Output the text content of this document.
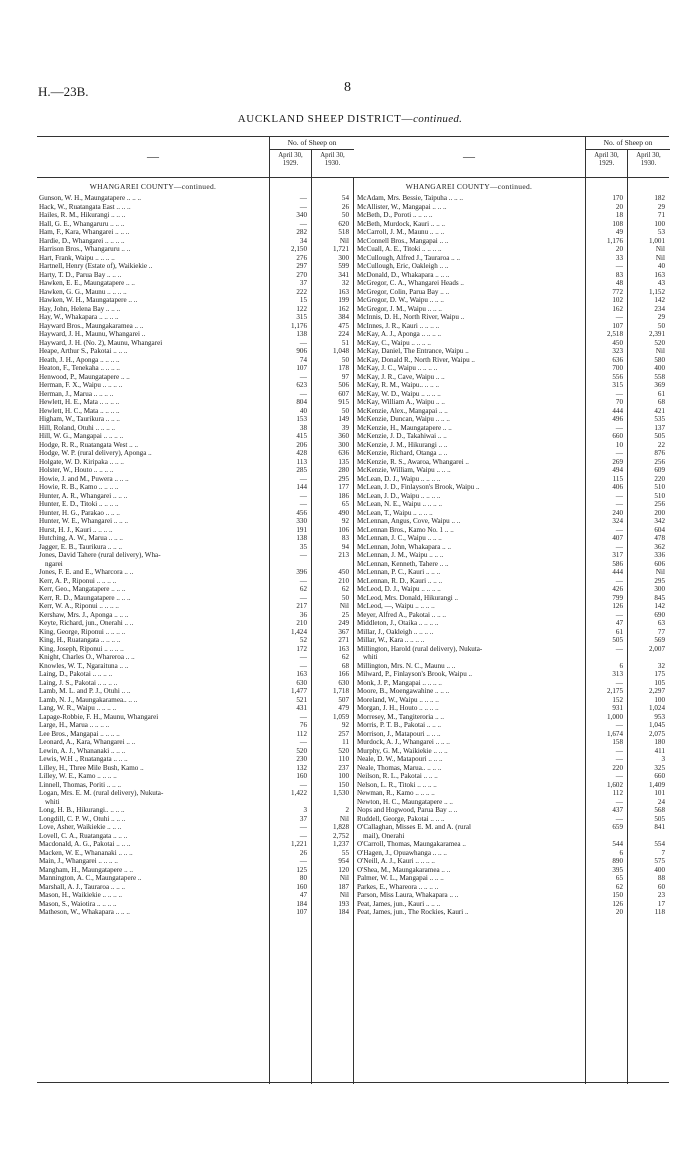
H.—23B.	8
AUCKLAND SHEEP DISTRICT—continued.
—
No. of Sheep on
April 30, 1929.
April 30, 1930.
WHANGAREI COUNTY—continued.
Gunson, W. H., Maungatapere .. .. ..	—	54
Hack, W., Ruatangata East .. .. ..	—	26
Hailes, R. M., Hikurangi .. .. ..	340	50
Hall, G. E., Whangaruru .. .. ..	—	620
Ham, F., Kara, Whangarei .. .. ..	282	518
Hardie, D., Whangarei .. .. .. ..	34	Nil
Harrison Bros., Whangaruru .. ..	2,150	1,721
Hart, Frank, Waipu .. .. .. ..	276	300
Hartnell, Henry (Estate of), Waikiekie ..	297	599
Harty, T. D., Parua Bay .. .. ..	270	341
Hawken, E. E., Maungatapere .. ..	37	32
Hawken, G. G., Maunu .. .. .. ..	222	163
Hawken, W. H., Maungatapere .. ..	15	199
Hay, John, Helena Bay .. .. ..	122	162
Hay, W., Whakapara .. .. .. ..	315	384
Hayward Bros., Maungakaramea .. ..	1,176	475
Hayward, J. H., Maunu, Whangarei ..	138	224
Hayward, J. H. (No. 2), Maunu, Whangarei	—	51
Heape, Arthur S., Pakotai .. .. ..	906	1,048
Heath, J. H., Aponga .. .. .. ..	74	50
Heaton, F., Tenekaha .. .. .. ..	107	178
Henwood, P., Maungatapere .. ..	—	97
Herman, F. X., Waipu .. .. .. ..	623	506
Herman, J., Marua .. .. .. ..	—	607
Hewlett, H. E., Mata .. .. .. ..	804	915
Hewlett, H. C., Mata .. .. .. ..	40	50
Higham, W., Taurikura .. .. ..	153	149
Hill, Roland, Otuhi .. .. .. ..	38	39
Hill, W. G., Mangapai .. .. .. ..	415	360
Hodge, R. R., Ruatangata West .. ..	206	300
Hodge, W. P. (rural delivery), Aponga ..	428	636
Holgate, W. D. Kiripaka .. .. ..	113	135
Holster, W., Houto .. .. .. ..	285	280
Howie, J. and M., Puwera .. .. ..	—	295
Howie, R. B., Kamo .. .. .. ..	144	177
Hunter, A. R., Whangarei .. .. ..	—	186
Hunter, E. D., Titoki .. .. .. ..	—	65
Hunter, H. G., Parakao .. .. ..	456	490
Hunter, W. E., Whangarei .. .. ..	330	92
Hurst, H. J., Kauri .. .. .. ..	191	106
Hutching, A. W., Marua .. .. ..	138	83
Jagger, E. B., Taurikura .. .. ..	35	94
Jones, David Tahere (rural delivery), Wha-	—	213
ngarei
Jones, F. E. and E., Wharcora .. ..	396	450
Kerr, A. P., Riponui .. .. .. ..	—	210
Kerr, Geo., Mangatapere .. .. ..	62	62
Kerr, R. D., Maungatapere .. .. ..	—	50
Kerr, W. A., Riponui .. .. .. ..	217	Nil
Kershaw, Mrs. J., Aponga .. .. ..	36	25
Keyte, Richard, jun., Onerahi .. ..	210	249
King, George, Riponui .. .. .. ..	1,424	367
King, H., Ruatangata .. .. .. ..	52	271
King, Joseph, Riponui .. .. .. ..	172	163
Knight, Charles O., Whareroa .. ..	—	62
Knowles, W. T., Ngaraituna .. ..	—	68
Laing, D., Pakotai .. .. .. ..	163	166
Laing, J. S., Pakotai .. .. .. ..	630	630
Lamb, M. L. and P. J., Otuhi .. ..	1,477	1,718
Lamb, N. J., Maungakaramea.. .. ..	521	507
Lang, W. R., Waipu .. .. .. ..	431	479
Lapage-Robbie, F. H., Maunu, Whangarei	—	1,059
Large, H., Marua .. .. .. ..	76	92
Lee Bros., Mangapai .. .. .. ..	112	257
Leonard, A., Kara, Whangarei .. ..	—	11
Lewin, A. J., Whananaki .. .. ..	520	520
Lewis, W.H ., Ruatangata .. .. ..	230	110
Lilley, H., Three Mile Bush, Kamo ..	132	237
Lilley, W. E., Kamo .. .. .. ..	160	100
Linnell, Thomas, Poriti .. .. ..	—	150
Logan, Mrs. E. M. (rural delivery), Nukuta-	1,422	1,530
whiti
Long, H. B., Hikurangi.. .. .. ..	3	2
Longdill, C. P. W., Otuhi .. .. ..	37	Nil
Love, Asher, Waikiekie .. .. ..	—	1,828
Lovell, C. A., Ruatangata .. .. ..	—	2,752
Macdonald, A. G., Pakotai .. .. ..	1,221	1,237
Macken, W. E., Whananaki .. .. ..	26	55
Main, J., Whangarei .. .. .. ..	—	954
Mangham, H., Maungatapere .. ..	125	120
Mannington, A. C., Maungatapere ..	80	Nil
Marshall, A. J., Tauraroa .. .. ..	160	187
Mason, H., Waikiekie .. .. .. ..	47	Nil
Mason, S., Waiotira .. .. .. ..	184	193
Matheson, W., Whakapara .. .. ..	107	184
—
No. of Sheep on
April 30, 1929.
April 30, 1930.
WHANGAREI COUNTY—continued.
McAdam, Mrs. Bessie, Taipuha .. .. ..	170	182
McAllister, W., Mangapai .. .. ..	20	29
McBeth, D., Poroti .. .. .. ..	18	71
McBeth, Murdock, Kauri .. .. ..	108	100
McCarroll, J. M., Maunu .. .. ..	49	53
McConnell Bros., Mangapai .. ..	1,176	1,001
McCuall, A. E., Titoki .. .. .. ..	20	Nil
McCullough, Alfred J., Tauraroa .. ..	33	Nil
McCullough, Eric, Oakleigh .. ..	—	40
McDonald, D., Whakapara .. .. ..	83	163
McGregor, C. A., Whangarei Heads ..	48	43
McGregor, Colin, Parua Bay .. ..	772	1,152
McGregor, D. W., Waipu .. .. ..	102	142
McGregor, J. M., Waipu .. .. ..	162	234
McInnis, D. H., North River, Waipu ..	—	29
McInnes, J. R., Kauri .. .. .. ..	107	50
McKay, A. J., Aponga .. .. .. ..	2,518	2,391
McKay, C., Waipu .. .. .. ..	450	520
McKay, Daniel, The Entrance, Waipu ..	323	Nil
McKay, Donald R., North River, Waipu ..	636	580
McKay, J. C., Waipu .. .. .. ..	700	400
McKay, J. R., Cave, Waipu .. ..	556	558
McKay, R. M., Waipu.. .. .. ..	315	369
McKay, W. D., Waipu .. .. .. ..	—	61
McKay, William A., Waipu .. ..	70	68
McKenzie, Alex., Mangapai .. ..	444	421
McKenzie, Duncan, Waipu .. .. ..	496	535
McKenzie, H., Maungatapere .. ..	—	137
McKenzie, J. D., Takahiwai .. ..	660	505
McKenzie, J. M., Hikurangi .. ..	10	22
McKenzie, Richard, Otanga .. ..	—	876
McKenzie, R. S., Awaroa, Whangarei ..	269	256
McKenzie, William, Waipu .. .. ..	494	609
McLean, D. J., Waipu .. .. .. ..	115	220
McLean, J. D., Finlayson's Brook, Waipu ..	406	510
McLean, J. D., Waipu .. .. .. ..	—	510
McLean, N. E., Waipu .. .. .. ..	—	256
McLean, T., Waipu .. .. .. ..	240	200
McLennan, Angus, Cove, Waipu .. ..	324	342
McLennan Bros., Kamo No. 1 .. ..	—	604
McLennan, J. C., Waipu .. .. ..	407	478
McLennan, John, Whakapara .. ..	—	362
McLennan, J. M., Waipu .. .. ..	317	336
McLennan, Kenneth, Tahere .. ..	586	606
McLennan, P. C., Kauri .. .. ..	444	Nil
McLennan, R. D., Kauri .. .. ..	—	295
McLeod, D. J., Waipu .. .. .. ..	426	300
McLeod, Mrs. Donald, Hikurangi ..	799	845
McLeod, —, Waipu .. .. .. ..	126	142
Meyer, Alfred A., Pakotai .. .. ..	—	690
Middleton, J., Otaika .. .. .. ..	47	63
Millar, J., Oakleigh .. .. .. ..	61	77
Millar, W., Kara .. .. .. ..	505	569
Millington, Harold (rural delivery), Nukuta-	—	2,007
whiti
Millington, Mrs. N. C., Maunu .. ..	6	32
Milward, P., Finlayson's Brook, Waipu ..	313	175
Monk, J. P., Mangapai .. .. .. ..	—	105
Moore, B., Moengawahine .. .. ..	2,175	2,297
Moreland, W., Waipu .. .. .. ..	152	100
Morgan, J. H., Houto .. .. .. ..	931	1,024
Morresey, M., Tangiteroria .. ..	1,000	953
Morris, P. T. B., Pakotai .. .. ..	—	1,045
Morrison, J., Matapouri .. .. ..	1,674	2,075
Murdock, A. J., Whangarei .. .. ..	158	180
Murphy, G. M., Waikiekie .. .. ..	—	411
Neale, D. W., Matapouri .. .. ..	—	3
Neale, Thomas, Marua.. .. .. ..	220	325
Neilson, R. L., Pakotai .. .. ..	—	660
Nelson, L. R., Titoki .. .. .. ..	1,602	1,409
Newman, R., Kamo .. .. .. ..	112	101
Newton, H. C., Maungatapere .. ..	—	24
Nops and Hogwood, Parua Bay .. ..	437	568
Ruddell, George, Pakotai .. .. ..	—	505
O'Callaghan, Misses E. M. and A. (rural	659	841
mail), Onerahi
O'Carroll, Thomas, Maungakaramea ..	544	554
O'Hagen, J., Opuawhanga .. .. ..	6	7
O'Neill, A. J., Kauri .. .. .. ..	890	575
O'Shea, M., Maungakaramea .. ..	395	400
Palmer, W. L., Mangapai .. .. ..	65	88
Parkes, E., Whareora .. .. .. ..	62	60
Parson, Miss Laura, Whakapara .. ..	150	23
Peat, James, jun., Kauri .. .. ..	126	17
Peat, James, jun., The Rockies, Kauri ..	20	118
